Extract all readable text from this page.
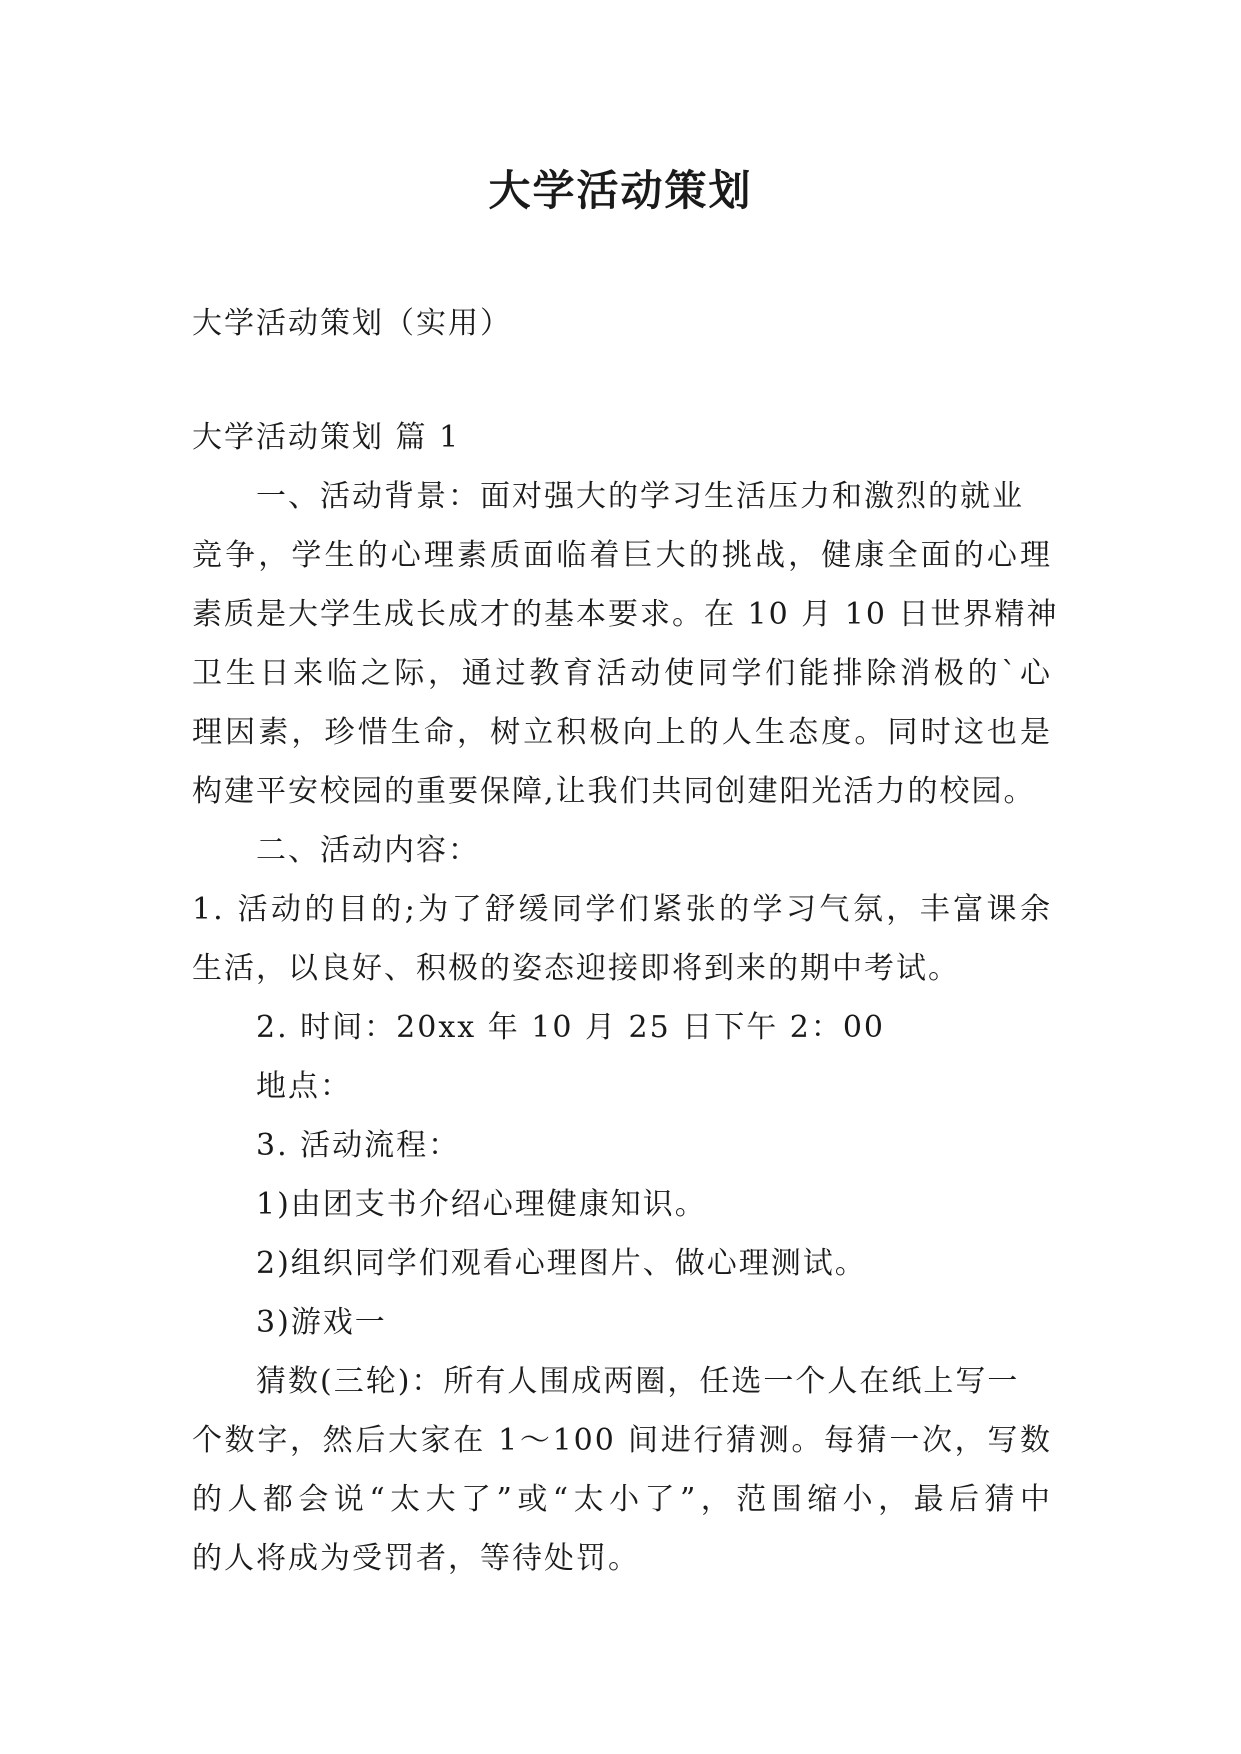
大学活动策划
大学活动策划（实用）
大学活动策划 篇 1
一、活动背景：面对强大的学习生活压力和激烈的就业
竞争，学生的心理素质面临着巨大的挑战，健康全面的心理
素质是大学生成长成才的基本要求。在 10 月 10 日世界精神
卫生日来临之际，通过教育活动使同学们能排除消极的`心
理因素，珍惜生命，树立积极向上的人生态度。同时这也是
构建平安校园的重要保障,让我们共同创建阳光活力的校园。
二、活动内容：
1. 活动的目的;为了舒缓同学们紧张的学习气氛，丰富课余
生活，以良好、积极的姿态迎接即将到来的期中考试。
2. 时间：20xx 年 10 月 25 日下午 2：00
地点：
3. 活动流程：
1)由团支书介绍心理健康知识。
2)组织同学们观看心理图片、做心理测试。
3)游戏一
猜数(三轮)：所有人围成两圈，任选一个人在纸上写一
个数字，然后大家在 1～100 间进行猜测。每猜一次，写数
的人都会说“太大了”或“太小了”，范围缩小，最后猜中
的人将成为受罚者，等待处罚。
